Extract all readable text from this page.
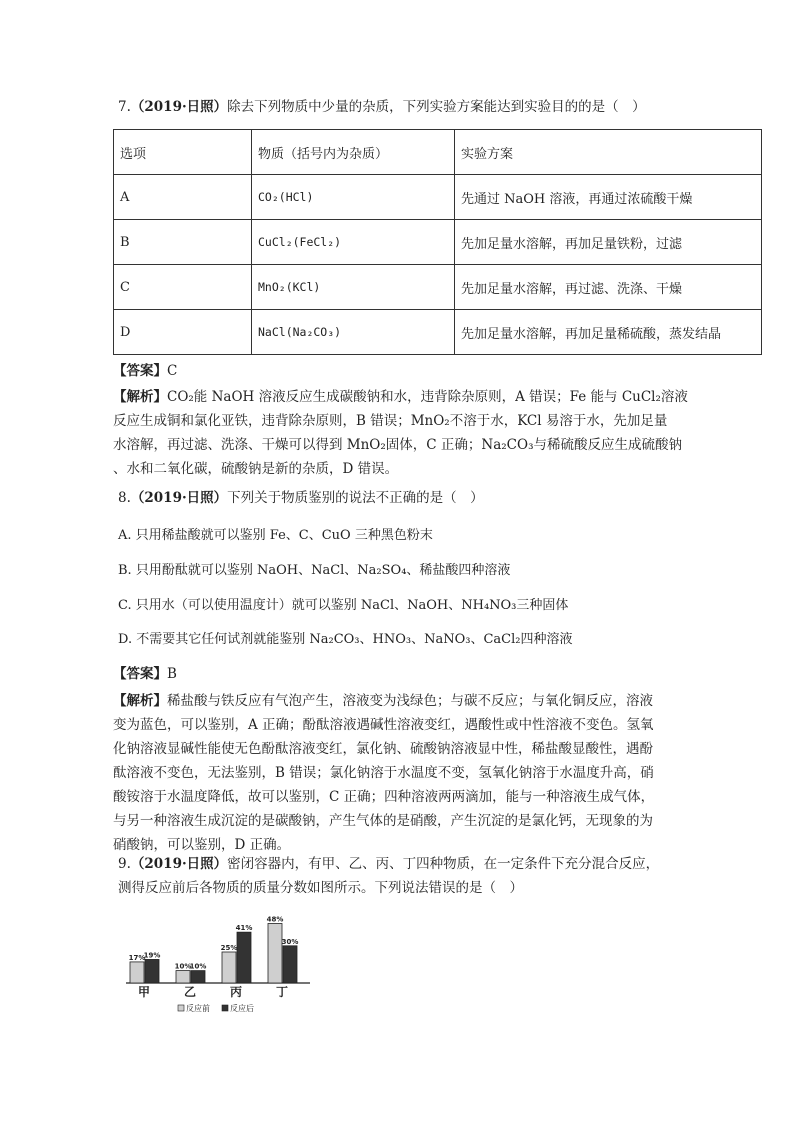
7.（2019·日照）除去下列物质中少量的杂质，下列实验方案能达到实验目的的是（　）
选项	物质（括号内为杂质）	实验方案
A	CO₂(HCl)	先通过 NaOH 溶液，再通过浓硫酸干燥
B	CuCl₂(FeCl₂)	先加足量水溶解，再加足量铁粉，过滤
C	MnO₂(KCl)	先加足量水溶解，再过滤、洗涤、干燥
D	NaCl(Na₂CO₃)	先加足量水溶解，再加足量稀硫酸，蒸发结晶
【答案】C

【解析】CO₂能 NaOH 溶液反应生成碳酸钠和水，违背除杂原则，A 错误；Fe 能与 CuCl₂溶液

反应生成铜和氯化亚铁，违背除杂原则，B 错误；MnO₂不溶于水，KCl 易溶于水，先加足量

水溶解，再过滤、洗涤、干燥可以得到 MnO₂固体，C 正确；Na₂CO₃与稀硫酸反应生成硫酸钠

、水和二氧化碳，硫酸钠是新的杂质，D 错误。

8.（2019·日照）下列关于物质鉴别的说法不正确的是（　）
A. 只用稀盐酸就可以鉴别 Fe、C、CuO 三种黑色粉末
B. 只用酚酞就可以鉴别 NaOH、NaCl、Na₂SO₄、稀盐酸四种溶液
C. 只用水（可以使用温度计）就可以鉴别 NaCl、NaOH、NH₄NO₃三种固体
D. 不需要其它任何试剂就能鉴别 Na₂CO₃、HNO₃、NaNO₃、CaCl₂四种溶液
【答案】B

【解析】稀盐酸与铁反应有气泡产生，溶液变为浅绿色；与碳不反应；与氧化铜反应，溶液

变为蓝色，可以鉴别，A 正确；酚酞溶液遇碱性溶液变红，遇酸性或中性溶液不变色。氢氧

化钠溶液显碱性能使无色酚酞溶液变红，氯化钠、硫酸钠溶液显中性，稀盐酸显酸性，遇酚

酞溶液不变色，无法鉴别，B 错误；氯化钠溶于水温度不变，氢氧化钠溶于水温度升高，硝

酸铵溶于水温度降低，故可以鉴别，C 正确；四种溶液两两滴加，能与一种溶液生成气体，

与另一种溶液生成沉淀的是碳酸钠，产生气体的是硝酸，产生沉淀的是氯化钙，无现象的为

硝酸钠，可以鉴别，D 正确。

9.（2019·日照）密闭容器内，有甲、乙、丙、丁四种物质，在一定条件下充分混合反应，

测得反应前后各物质的质量分数如图所示。下列说法错误的是（　）

17%
19%
甲
10%
10%
乙
25%
41%
丙
48%
30%
丁
反应前	反应后
